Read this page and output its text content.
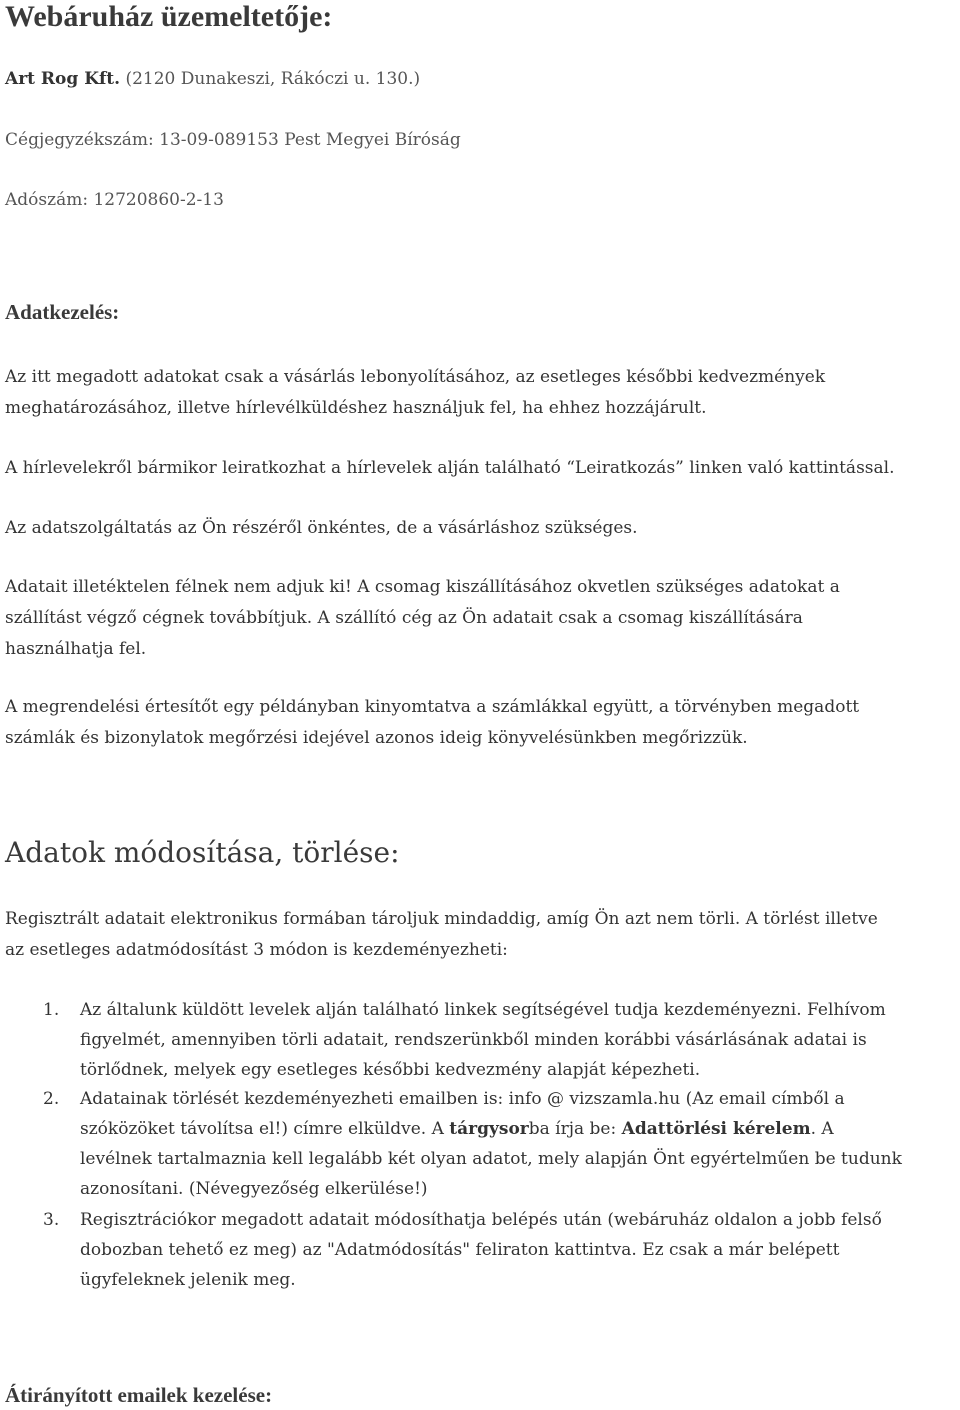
Webáruház üzemeltetője:
Art Rog Kft. (2120 Dunakeszi, Rákóczi u. 130.)
Cégjegyzékszám: 13-09-089153 Pest Megyei Bíróság
Adószám: 12720860-2-13
Adatkezelés:
Az itt megadott adatokat csak a vásárlás lebonyolításához, az esetleges későbbi kedvezmények
meghatározásához, illetve hírlevélküldéshez használjuk fel, ha ehhez hozzájárult.
A hírlevelekről bármikor leiratkozhat a hírlevelek alján található “Leiratkozás” linken való kattintással.
Az adatszolgáltatás az Ön részéről önkéntes, de a vásárláshoz szükséges.
Adatait illetéktelen félnek nem adjuk ki! A csomag kiszállításához okvetlen szükséges adatokat a
szállítást végző cégnek továbbítjuk. A szállító cég az Ön adatait csak a csomag kiszállítására
használhatja fel.
A megrendelési értesítőt egy példányban kinyomtatva a számlákkal együtt, a törvényben megadott
számlák és bizonylatok megőrzési idejével azonos ideig könyvelésünkben megőrizzük.
Adatok módosítása, törlése:
Regisztrált adatait elektronikus formában tároljuk mindaddig, amíg Ön azt nem törli. A törlést illetve
az esetleges adatmódosítást 3 módon is kezdeményezheti:
1. Az általunk küldött levelek alján található linkek segítségével tudja kezdeményezni. Felhívom
figyelmét, amennyiben törli adatait, rendszerünkből minden korábbi vásárlásának adatai is
törlődnek, melyek egy esetleges későbbi kedvezmény alapját képezheti.
2. Adatainak törlését kezdeményezheti emailben is: info @ vizszamla.hu (Az email címből a
szóközöket távolítsa el!) címre elküldve. A tárgysorba írja be: Adattörlési kérelem. A
levélnek tartalmaznia kell legalább két olyan adatot, mely alapján Önt egyértelműen be tudunk
azonosítani. (Névegyezőség elkerülése!)
3. Regisztrációkor megadott adatait módosíthatja belépés után (webáruház oldalon a jobb felső
dobozban tehető ez meg) az "Adatmódosítás" feliraton kattintva. Ez csak a már belépett
ügyfeleknek jelenik meg.
Átirányított emailek kezelése:
